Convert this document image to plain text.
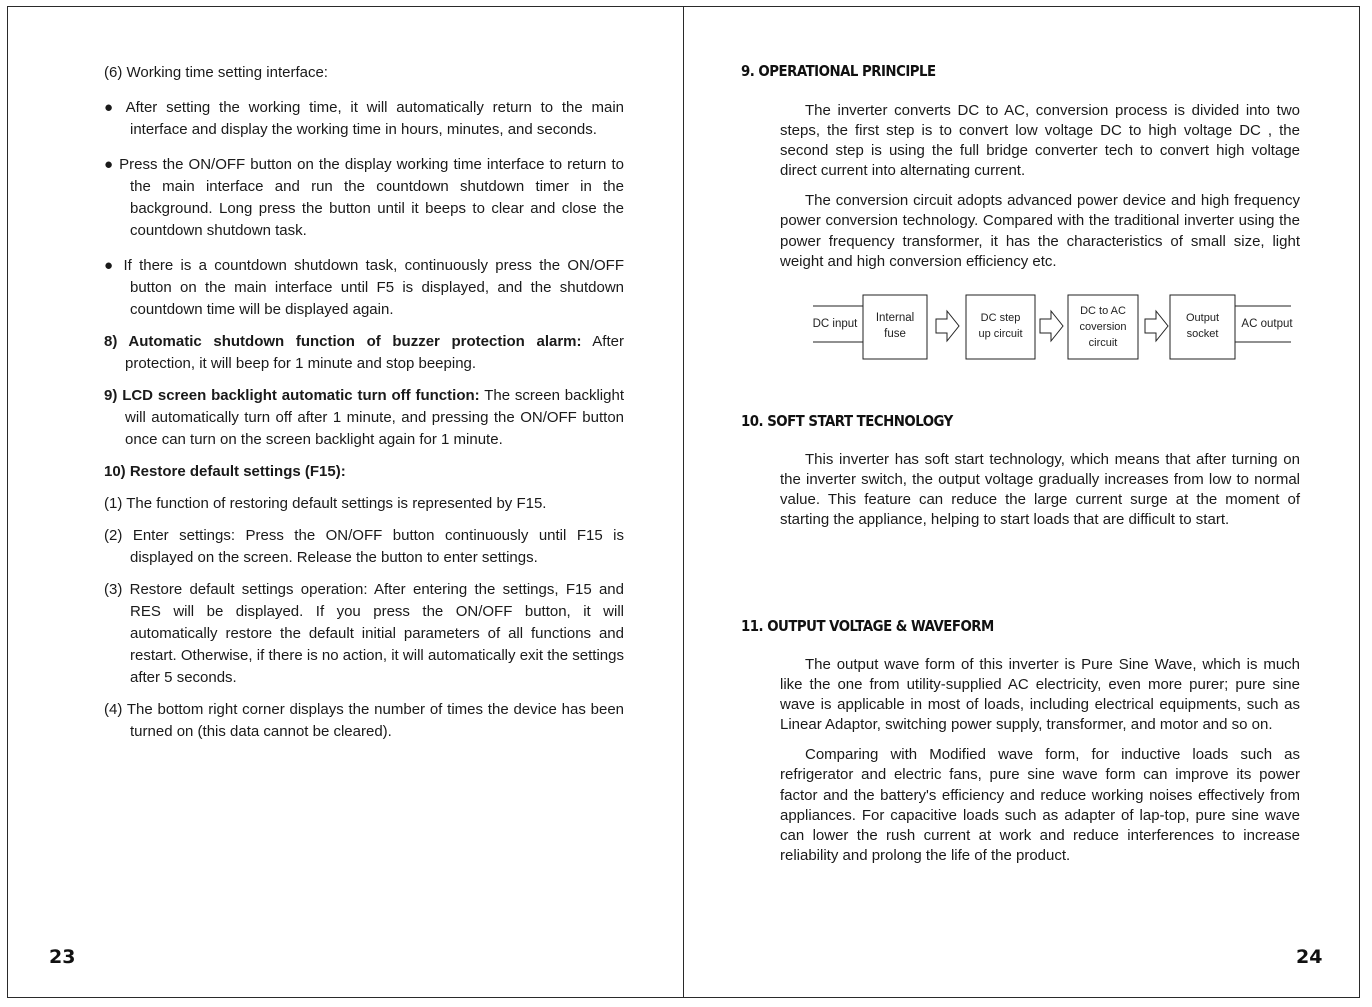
(6) Working time setting interface:

● After setting the working time, it will automatically return to the main interface and display the working time in hours, minutes, and seconds.

● Press the ON/OFF button on the display working time interface to return to the main interface and run the countdown shutdown timer in the background. Long press the button until it beeps to clear and close the countdown shutdown task.

● If there is a countdown shutdown task, continuously press the ON/OFF button on the main interface until F5 is displayed, and the shutdown countdown time will be displayed again.

8) Automatic shutdown function of buzzer protection alarm: After protection, it will beep for 1 minute and stop beeping.

9) LCD screen backlight automatic turn off function: The screen backlight will automatically turn off after 1 minute, and pressing the ON/OFF button once can turn on the screen backlight again for 1 minute.

10) Restore default settings (F15):

(1) The function of restoring default settings is represented by F15.

(2) Enter settings: Press the ON/OFF button continuously until F15 is displayed on the screen. Release the button to enter settings.

(3) Restore default settings operation: After entering the settings, F15 and RES will be displayed. If you press the ON/OFF button, it will automatically restore the default initial parameters of all functions and restart. Otherwise, if there is no action, it will automatically exit the settings after 5 seconds.

(4) The bottom right corner displays the number of times the device has been turned on (this data cannot be cleared).

23
9. OPERATIONAL PRINCIPLE

The inverter converts DC to AC, conversion process is divided into two steps, the first step is to convert low voltage DC to high voltage DC , the second step is using the full bridge converter tech to convert high voltage direct current into alternating current.

The conversion circuit adopts advanced power device and high frequency power conversion technology. Compared with the traditional inverter using the power frequency transformer, it has the characteristics of small size, light weight and high conversion efficiency etc.

DC input	Internal
fuse
DC step
up circuit
DC to AC
coversion
circuit
Output
socket
AC output
10. SOFT START TECHNOLOGY

This inverter has soft start technology, which means that after turning on the inverter switch, the output voltage gradually increases from low to normal value. This feature can reduce the large current surge at the moment of starting the appliance, helping to start loads that are difficult to start.

11. OUTPUT VOLTAGE & WAVEFORM

The output wave form of this inverter is Pure Sine Wave, which is much like the one from utility-supplied AC electricity, even more purer; pure sine wave is applicable in most of loads, including electrical equipments, such as Linear Adaptor, switching power supply, transformer, and motor and so on.

Comparing with Modified wave form, for inductive loads such as refrigerator and electric fans, pure sine wave form can improve its power factor and the battery's efficiency and reduce working noises effectively from appliances. For capacitive loads such as adapter of lap-top, pure sine wave can lower the rush current at work and reduce interferences to increase reliability and prolong the life of the product.

24
